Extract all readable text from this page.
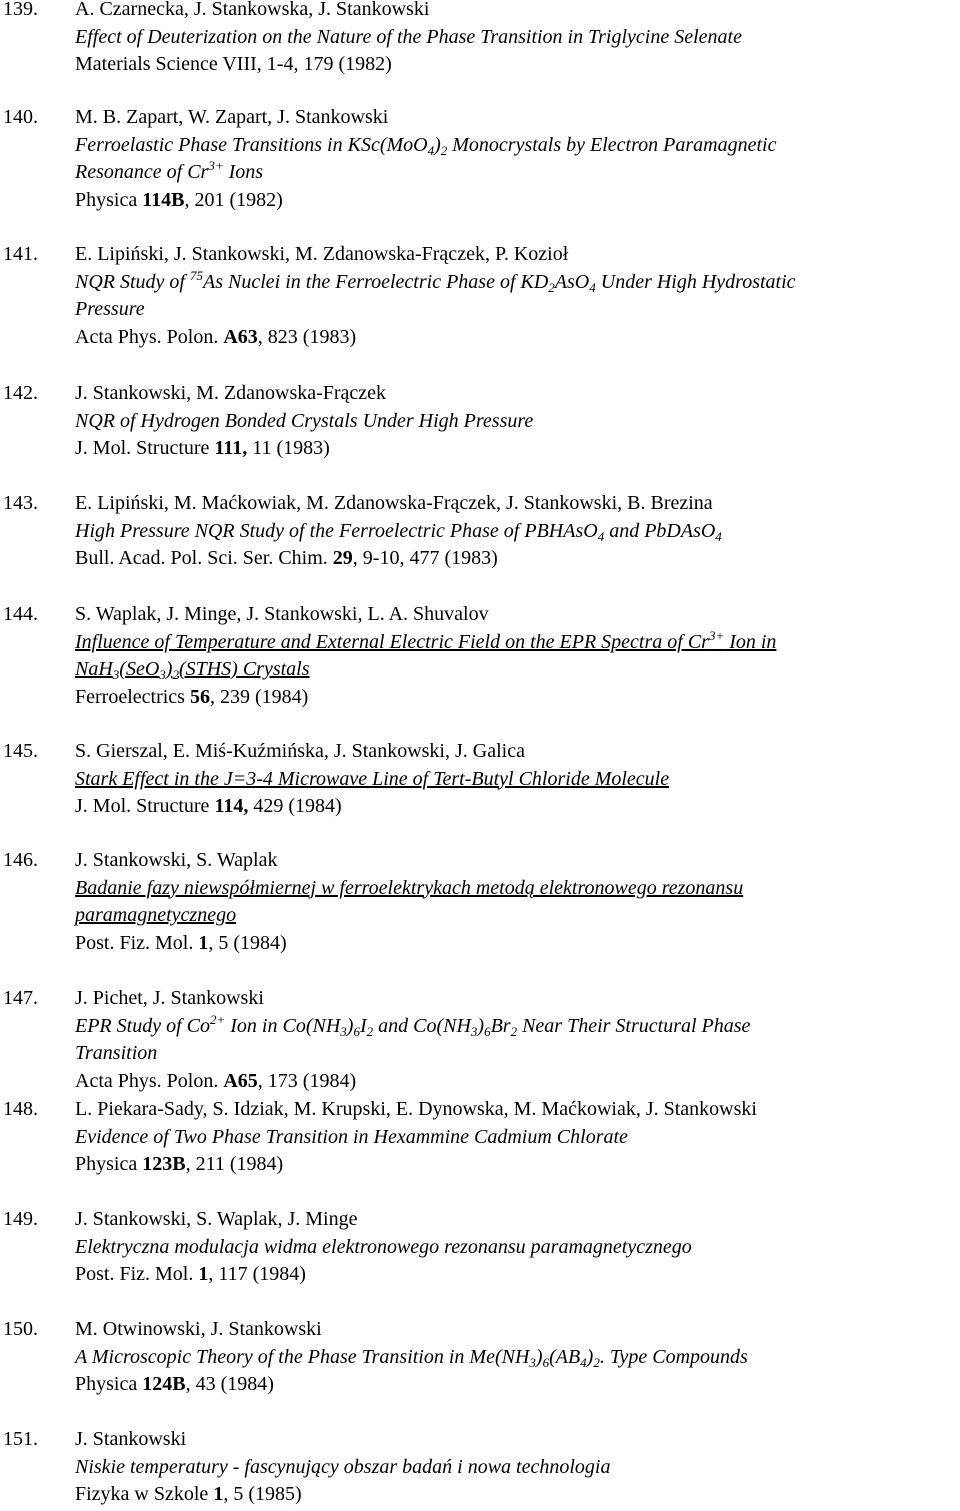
139. A. Czarnecka, J. Stankowska, J. Stankowski
Effect of Deuterization on the Nature of the Phase Transition in Triglycine Selenate
Materials Science VIII, 1-4, 179 (1982)
140. M. B. Zapart, W. Zapart, J. Stankowski
Ferroelastic Phase Transitions in $KSc(MoO_4)_2$ Monocrystals by Electron Paramagnetic
Resonance of $Cr^{3+}$ Ions
Physica 114B, 201 (1982)
141. E. Lipiński, J. Stankowski, M. Zdanowska-Frączek, P. Kozioł
NQR Study of $^{75}$As Nuclei in the Ferroelectric Phase of $KD_2AsO_4$ Under High Hydrostatic
Pressure
Acta Phys. Polon. A63, 823 (1983)
142. J. Stankowski, M. Zdanowska-Frączek
NQR of Hydrogen Bonded Crystals Under High Pressure
J. Mol. Structure 111, 11 (1983)
143. E. Lipiński, M. Maćkowiak, M. Zdanowska-Frączek, J. Stankowski, B. Brezina
High Pressure NQR Study of the Ferroelectric Phase of PBHAsO$_4$ and PbDAsO$_4$
Bull. Acad. Pol. Sci. Ser. Chim. 29, 9-10, 477 (1983)
144. S. Waplak, J. Minge, J. Stankowski, L. A. Shuvalov
Influence of Temperature and External Electric Field on the EPR Spectra of $Cr^{3+}$ Ion in
$NaH_3(SeO_3)_2(STHS)$ Crystals
Ferroelectrics 56, 239 (1984)
145. S. Gierszal, E. Miś-Kuźmińska, J. Stankowski, J. Galica
Stark Effect in the J=3-4 Microwave Line of Tert-Butyl Chloride Molecule
J. Mol. Structure 114, 429 (1984)
146. J. Stankowski, S. Waplak
Badanie fazy niewspółmiernej w ferroelektrykach metodą elektronowego rezonansu
paramagnetycznego
Post. Fiz. Mol. 1, 5 (1984)
147. J. Pichet, J. Stankowski
EPR Study of $Co^{2+}$ Ion in $Co(NH_3)_6I_2$ and $Co(NH_3)_6Br_2$ Near Their Structural Phase
Transition
Acta Phys. Polon. A65, 173 (1984)
148. L. Piekara-Sady, S. Idziak, M. Krupski, E. Dynowska, M. Maćkowiak, J. Stankowski
Evidence of Two Phase Transition in Hexammine Cadmium Chlorate
Physica 123B, 211 (1984)
149. J. Stankowski, S. Waplak, J. Minge
Elektryczna modulacja widma elektronowego rezonansu paramagnetycznego
Post. Fiz. Mol. 1, 117 (1984)
150. M. Otwinowski, J. Stankowski
A Microscopic Theory of the Phase Transition in $Me(NH_3)_6(AB_4)_2$. Type Compounds
Physica 124B, 43 (1984)
151. J. Stankowski
Niskie temperatury - fascynujący obszar badań i nowa technologia
Fizyka w Szkole 1, 5 (1985)
